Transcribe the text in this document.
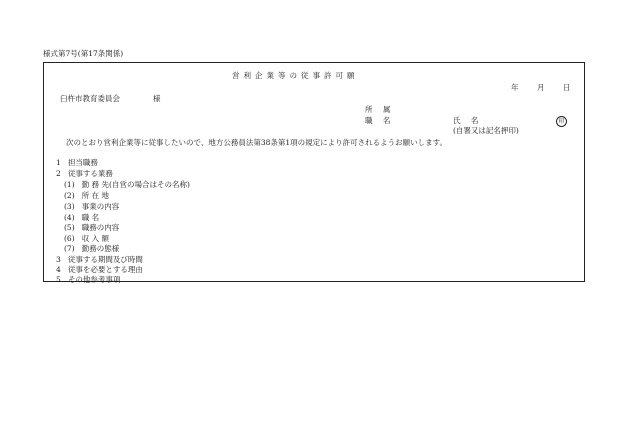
様式第7号(第17条関係)
営利企業等の従事許可願
年 月 日
臼杵市教育委員会	様
所 属
職 名	氏 名	印
(自署又は記名押印)
次のとおり営利企業等に従事したいので、地方公務員法第38条第1項の規定により許可されるようお願いします。
1 担当職務
2 従事する業務
(1) 勤 務 先(自営の場合はその名称)
(2) 所 在 地
(3) 事業の内容
(4) 職 名
(5) 職務の内容
(6) 収 入 額
(7) 勤務の態様
3 従事する期間及び時間
4 従事を必要とする理由
5 その他参考事項
